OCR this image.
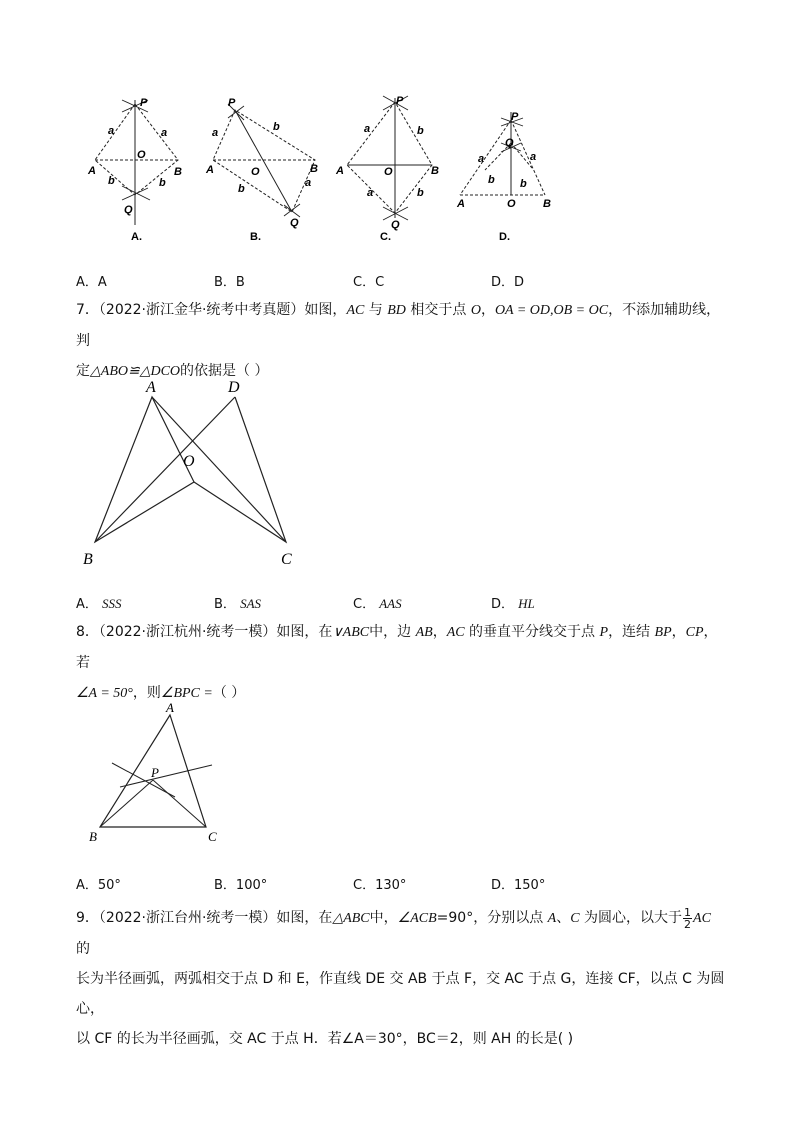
P
a	a
O
A	B
b	b
Q
A.
P
a	b
A	O	B
b	a
Q
B.
P
a	b
A	O	B
a	b
Q
C.
P
Q
a	a
b b
A	O B
D.
A．A	B．B	C．C	D．D
7．（2022·浙江金华·统考中考真题）如图，AC 与 BD 相交于点 O，OA = OD,OB = OC，不添加辅助线，判
定△ABO≌△DCO的依据是（ ）
A	D
O
B	C
A． SSS	B． SAS	C． AAS	D． HL
8．（2022·浙江杭州·统考一模）如图，在∨ABC中，边 AB，AC 的垂直平分线交于点 P，连结 BP，CP，若
∠A = 50°，则∠BPC =（ ）
A
P
B	C
A．50°	B．100°	C．130°	D．150°
9．（2022·浙江台州·统考一模）如图，在△ABC中，∠ACB=90°，分别以点 A、C 为圆心，以大于 $\frac{1}{2}$ AC 的
长为半径画弧，两弧相交于点 D 和 E，作直线 DE 交 AB 于点 F，交 AC 于点 G，连接 CF，以点 C 为圆心，
以 CF 的长为半径画弧，交 AC 于点 H．若∠A＝30°，BC＝2，则 AH 的长是( )
